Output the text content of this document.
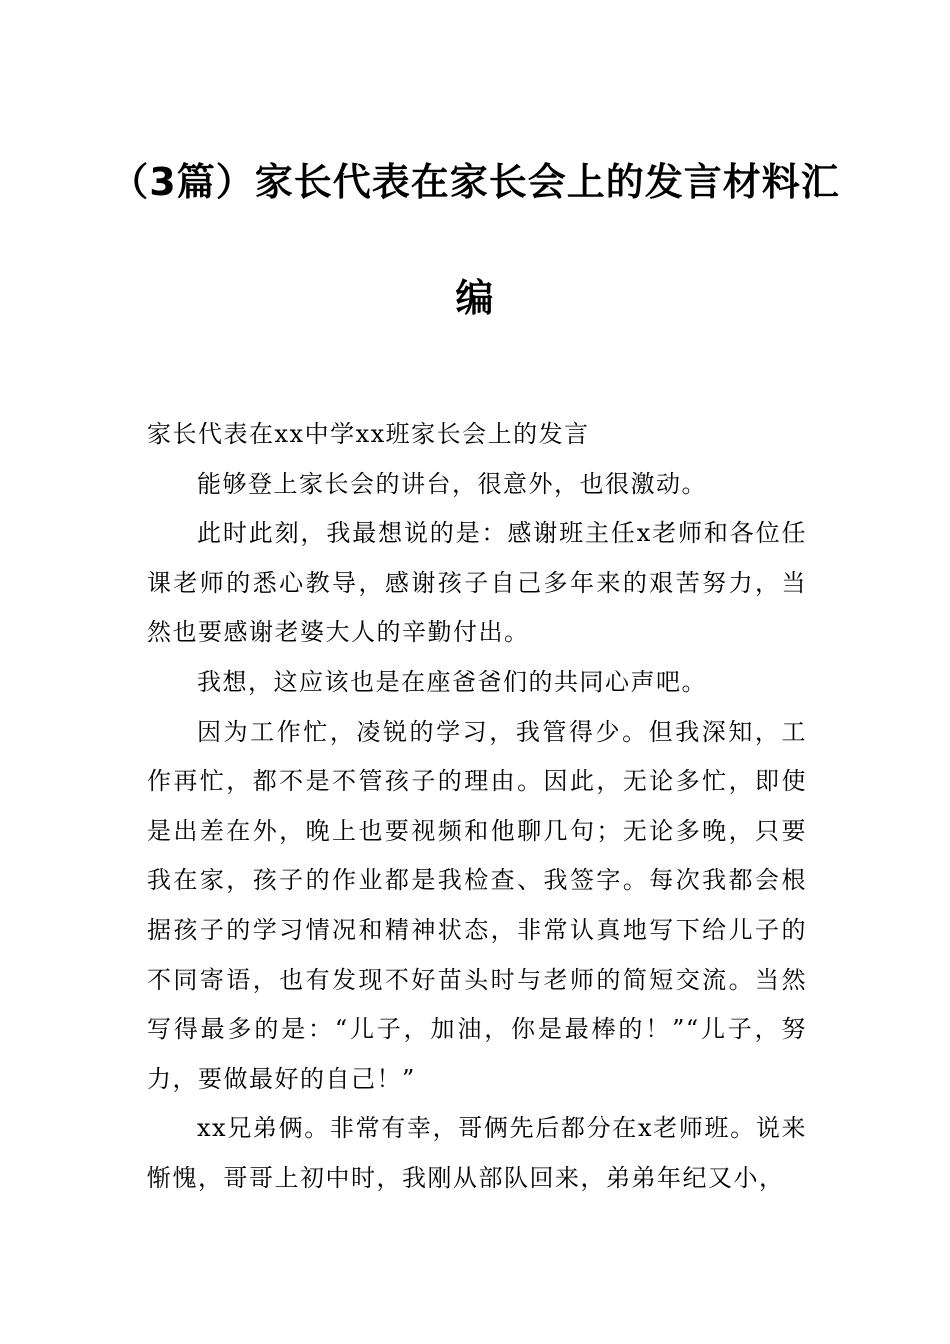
（3篇）家长代表在家长会上的发言材料汇
编

家长代表在xx中学xx班家长会上的发言

能够登上家长会的讲台，很意外，也很激动。

此时此刻，我最想说的是：感谢班主任x老师和各位任课老师的悉心教导，感谢孩子自己多年来的艰苦努力，当然也要感谢老婆大人的辛勤付出。

我想，这应该也是在座爸爸们的共同心声吧。

因为工作忙，凌锐的学习，我管得少。但我深知，工作再忙，都不是不管孩子的理由。因此，无论多忙，即使是出差在外，晚上也要视频和他聊几句；无论多晚，只要我在家，孩子的作业都是我检查、我签字。每次我都会根据孩子的学习情况和精神状态，非常认真地写下给儿子的不同寄语，也有发现不好苗头时与老师的简短交流。当然写得最多的是：“儿子，加油，你是最棒的！”“儿子，努力，要做最好的自己！”

xx兄弟俩。非常有幸，哥俩先后都分在x老师班。说来惭愧，哥哥上初中时，我刚从部队回来，弟弟年纪又小，
